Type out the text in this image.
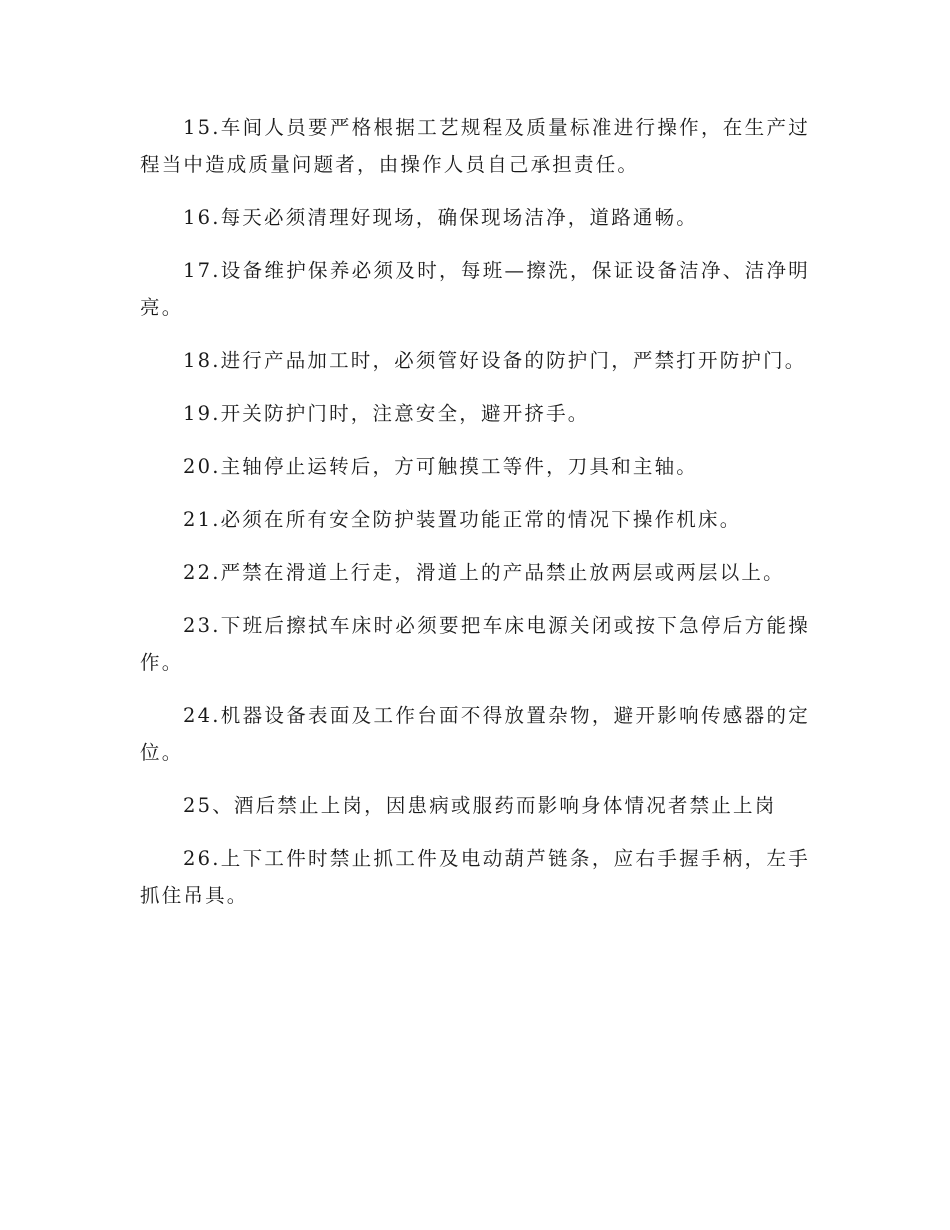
15.车间人员要严格根据工艺规程及质量标准进行操作，在生产过程当中造成质量问题者，由操作人员自己承担责任。

16.每天必须清理好现场，确保现场洁净，道路通畅。

17.设备维护保养必须及时，每班—擦洗，保证设备洁净、洁净明亮。

18.进行产品加工时，必须管好设备的防护门，严禁打开防护门。

19.开关防护门时，注意安全，避开挤手。

20.主轴停止运转后，方可触摸工等件，刀具和主轴。

21.必须在所有安全防护装置功能正常的情况下操作机床。

22.严禁在滑道上行走，滑道上的产品禁止放两层或两层以上。

23.下班后擦拭车床时必须要把车床电源关闭或按下急停后方能操作。

24.机器设备表面及工作台面不得放置杂物，避开影响传感器的定位。

25、酒后禁止上岗，因患病或服药而影响身体情况者禁止上岗

26.上下工件时禁止抓工件及电动葫芦链条，应右手握手柄，左手抓住吊具。
